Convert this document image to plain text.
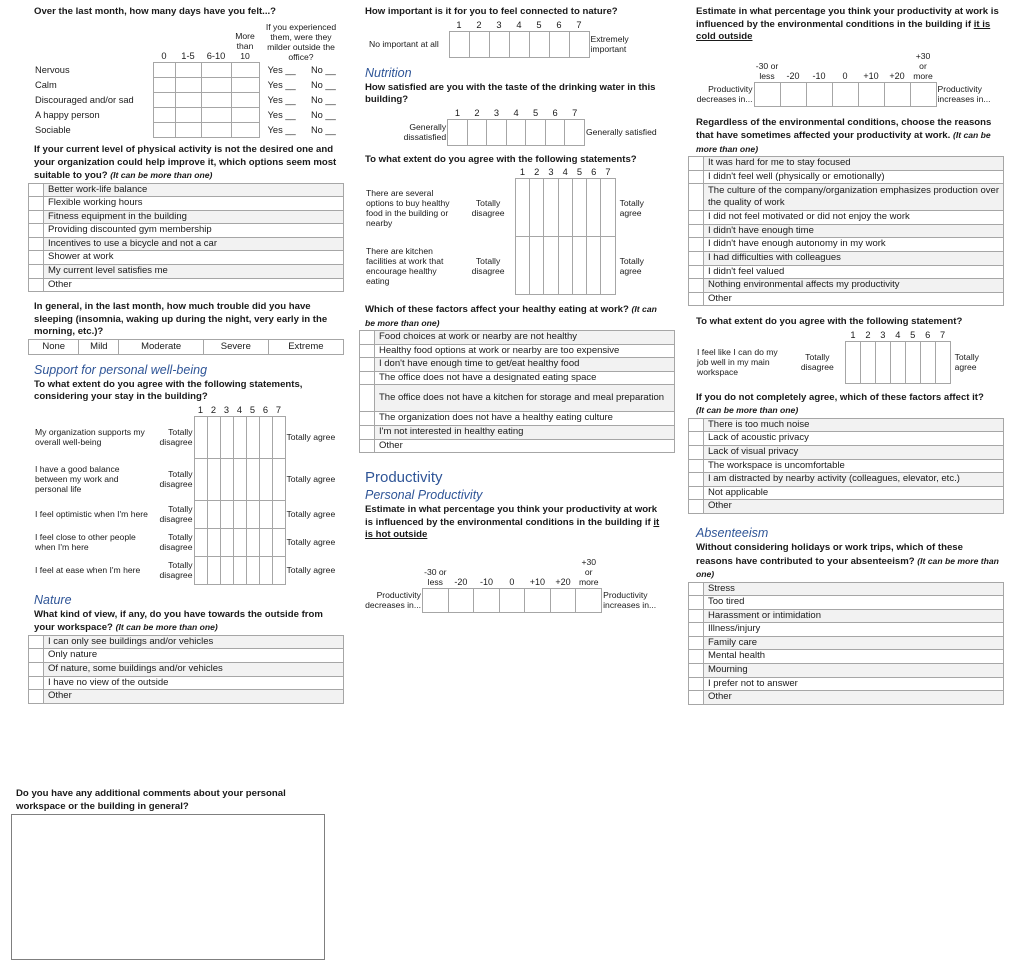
Over the last month, how many days have you felt...?
	0	1-5	6-10	More than 10	If you experienced them, were they milder outside the office?	
Nervous					Yes __	No __
Calm					Yes __	No __
Discouraged and/or sad					Yes __	No __
A happy person					Yes __	No __
Sociable					Yes __	No __
If your current level of physical activity is not the desired one and your organization could help improve it, which options seem most suitable to you? (It can be more than one)
	Better work-life balance
	Flexible working hours
	Fitness equipment in the building
	Providing discounted gym membership
	Incentives to use a bicycle and not a car
	Shower at work
	My current level satisfies me
	Other
In general, in the last month, how much trouble did you have sleeping (insomnia, waking up during the night, very early in the morning, etc.)?
None	Mild	Moderate	Severe	Extreme
Support for personal well-being
To what extent do you agree with the following statements, considering your stay in the building?
		1	2	3	4	5	6	7	
My organization supports my overall well-being	Totally disagree								Totally agree
I have a good balance between my work and personal life	Totally disagree								Totally agree
I feel optimistic when I'm here	Totally disagree								Totally agree
I feel close to other people when I'm here	Totally disagree								Totally agree
I feel at ease when I'm here	Totally disagree								Totally agree
Nature
What kind of view, if any, do you have towards the outside from your workspace? (It can be more than one)
	I can only see buildings and/or vehicles
	Only nature
	Of nature, some buildings and/or vehicles
	I have no view of the outside
	Other
Do you have any additional comments about your personal workspace or the building in general?
How important is it for you to feel connected to nature?
	1	2	3	4	5	6	7	
No important at all								Extremely important
Nutrition
How satisfied are you with the taste of the drinking water in this building?
	1	2	3	4	5	6	7	
Generally dissatisfied								Generally satisfied
To what extent do you agree with the following statements?
		1	2	3	4	5	6	7	
There are several options to buy healthy food in the building or nearby	Totally disagree								Totally agree
There are kitchen facilities at work that encourage healthy eating	Totally disagree								Totally agree
Which of these factors affect your healthy eating at work? (It can be more than one)
	Food choices at work or nearby are not healthy
	Healthy food options at work or nearby are too expensive
	I don't have enough time to get/eat healthy food
	The office does not have a designated eating space
	The office does not have a kitchen for storage and meal preparation
	The organization does not have a healthy eating culture
	I'm not interested in healthy eating
	Other
Productivity
Personal Productivity
Estimate in what percentage you think your productivity at work is influenced by the environmental conditions in the building if it is hot outside
	-30 or less	-20	-10	0	+10	+20	+30 or more	
Productivity decreases in...								Productivity increases in...
Estimate in what percentage you think your productivity at work is influenced by the environmental conditions in the building if it is cold outside
	-30 or less	-20	-10	0	+10	+20	+30 or more	
Productivity decreases in...								Productivity increases in...
Regardless of the environmental conditions, choose the reasons that have sometimes affected your productivity at work. (It can be more than one)
	It was hard for me to stay focused
	I didn't feel well (physically or emotionally)
	The culture of the company/organization emphasizes production over the quality of work
	I did not feel motivated or did not enjoy the work
	I didn't have enough time
	I didn't have enough autonomy in my work
	I had difficulties with colleagues
	I didn't feel valued
	Nothing environmental affects my productivity
	Other
To what extent do you agree with the following statement?
		1	2	3	4	5	6	7	
I feel like I can do my job well in my main workspace	Totally disagree								Totally agree
If you do not completely agree, which of these factors affect it?
(It can be more than one)
	There is too much noise
	Lack of acoustic privacy
	Lack of visual privacy
	The workspace is uncomfortable
	I am distracted by nearby activity (colleagues, elevator, etc.)
	Not applicable
	Other
Absenteeism
Without considering holidays or work trips, which of these reasons have contributed to your absenteeism? (It can be more than one)
	Stress
	Too tired
	Harassment or intimidation
	Illness/injury
	Family care
	Mental health
	Mourning
	I prefer not to answer
	Other
